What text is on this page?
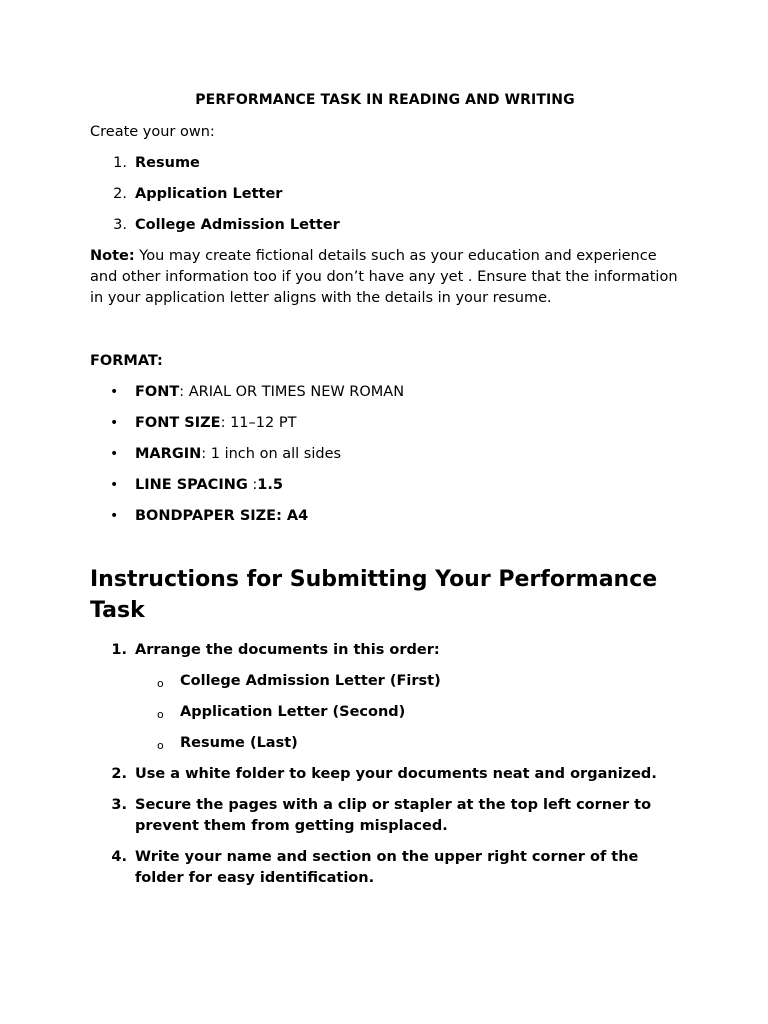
PERFORMANCE TASK IN READING AND WRITING

Create your own:

1. Resume
2. Application Letter
3. College Admission Letter

Note: You may create fictional details such as your education and experience and other information too if you don’t have any yet . Ensure that the information in your application letter aligns with the details in your resume.

FORMAT:

• FONT: ARIAL OR TIMES NEW ROMAN
• FONT SIZE: 11–12 PT
• MARGIN: 1 inch on all sides
• LINE SPACING :1.5
• BONDPAPER SIZE: A4
Instructions for Submitting Your Performance Task
1. Arrange the documents in this order:
o College Admission Letter (First)
o Application Letter (Second)
o Resume (Last)
2. Use a white folder to keep your documents neat and organized.
3. Secure the pages with a clip or stapler at the top left corner to prevent them from getting misplaced.
4. Write your name and section on the upper right corner of the folder for easy identification.
